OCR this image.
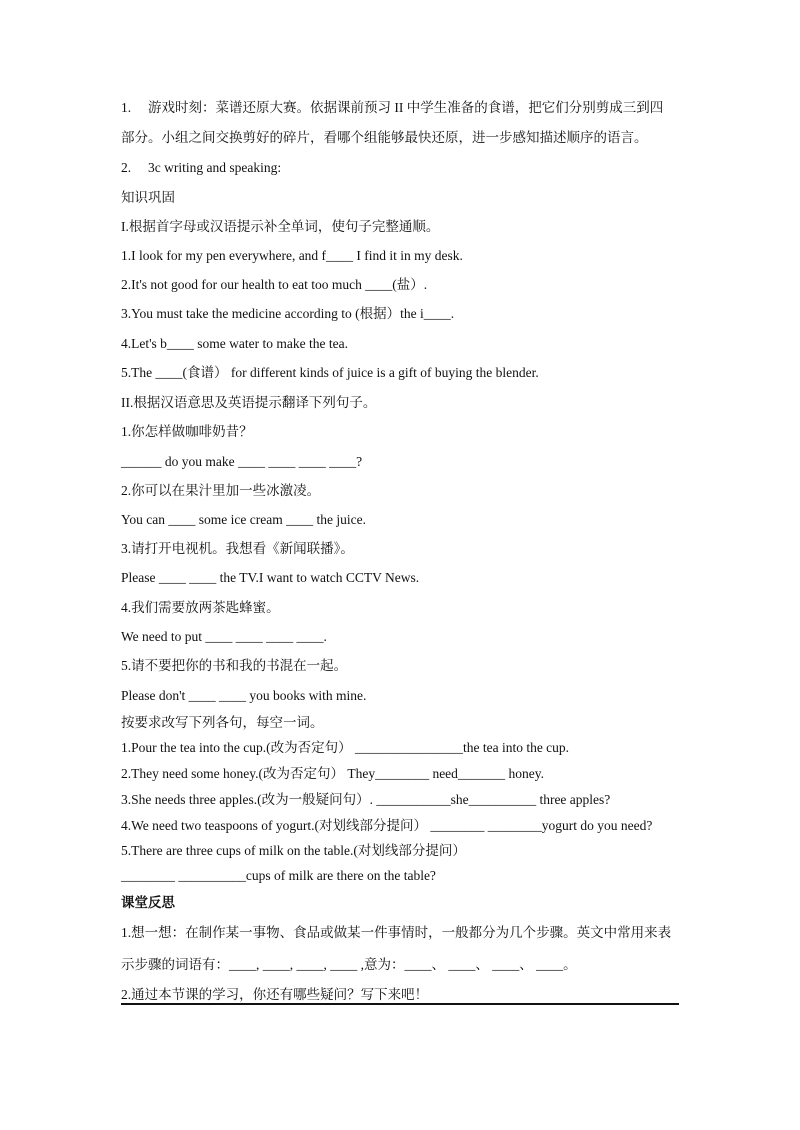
1. 游戏时刻：菜谱还原大赛。依据课前预习 II 中学生准备的食谱，把它们分别剪成三到四
部分。小组之间交换剪好的碎片，看哪个组能够最快还原，进一步感知描述顺序的语言。
2. 3c writing and speaking:
知识巩固
I.根据首字母或汉语提示补全单词，使句子完整通顺。
1.I look for my pen everywhere, and f____ I find it in my desk.
2.It's not good for our health to eat too much ____(盐）.
3.You must take the medicine according to (根据）the i____.
4.Let's b____ some water to make the tea.
5.The ____(食谱） for different kinds of juice is a gift of buying the blender.
II.根据汉语意思及英语提示翻译下列句子。
1.你怎样做咖啡奶昔？
______ do you make ____ ____ ____ ____?
2.你可以在果汁里加一些冰激凌。
You can ____ some ice cream ____ the juice.
3.请打开电视机。我想看《新闻联播》。
Please ____ ____ the TV.I want to watch CCTV News.
4.我们需要放两茶匙蜂蜜。
We need to put ____ ____ ____ ____.
5.请不要把你的书和我的书混在一起。
Please don't ____ ____ you books with mine.
按要求改写下列各句，每空一词。
1.Pour the tea into the cup.(改为否定句） ________________the tea into the cup.
2.They need some honey.(改为否定句） They________ need_______ honey.
3.She needs three apples.(改为一般疑问句）. ___________she__________ three apples?
4.We need two teaspoons of yogurt.(对划线部分提问） ________ ________yogurt do you need?
5.There are three cups of milk on the table.(对划线部分提问）
________ __________cups of milk are there on the table?
课堂反思
1.想一想：在制作某一事物、食品或做某一件事情时，一般都分为几个步骤。英文中常用来表
示步骤的词语有：____, ____, ____, ____ ,意为：____、 ____、 ____、 ____。
2.通过本节课的学习，你还有哪些疑问？写下来吧！
